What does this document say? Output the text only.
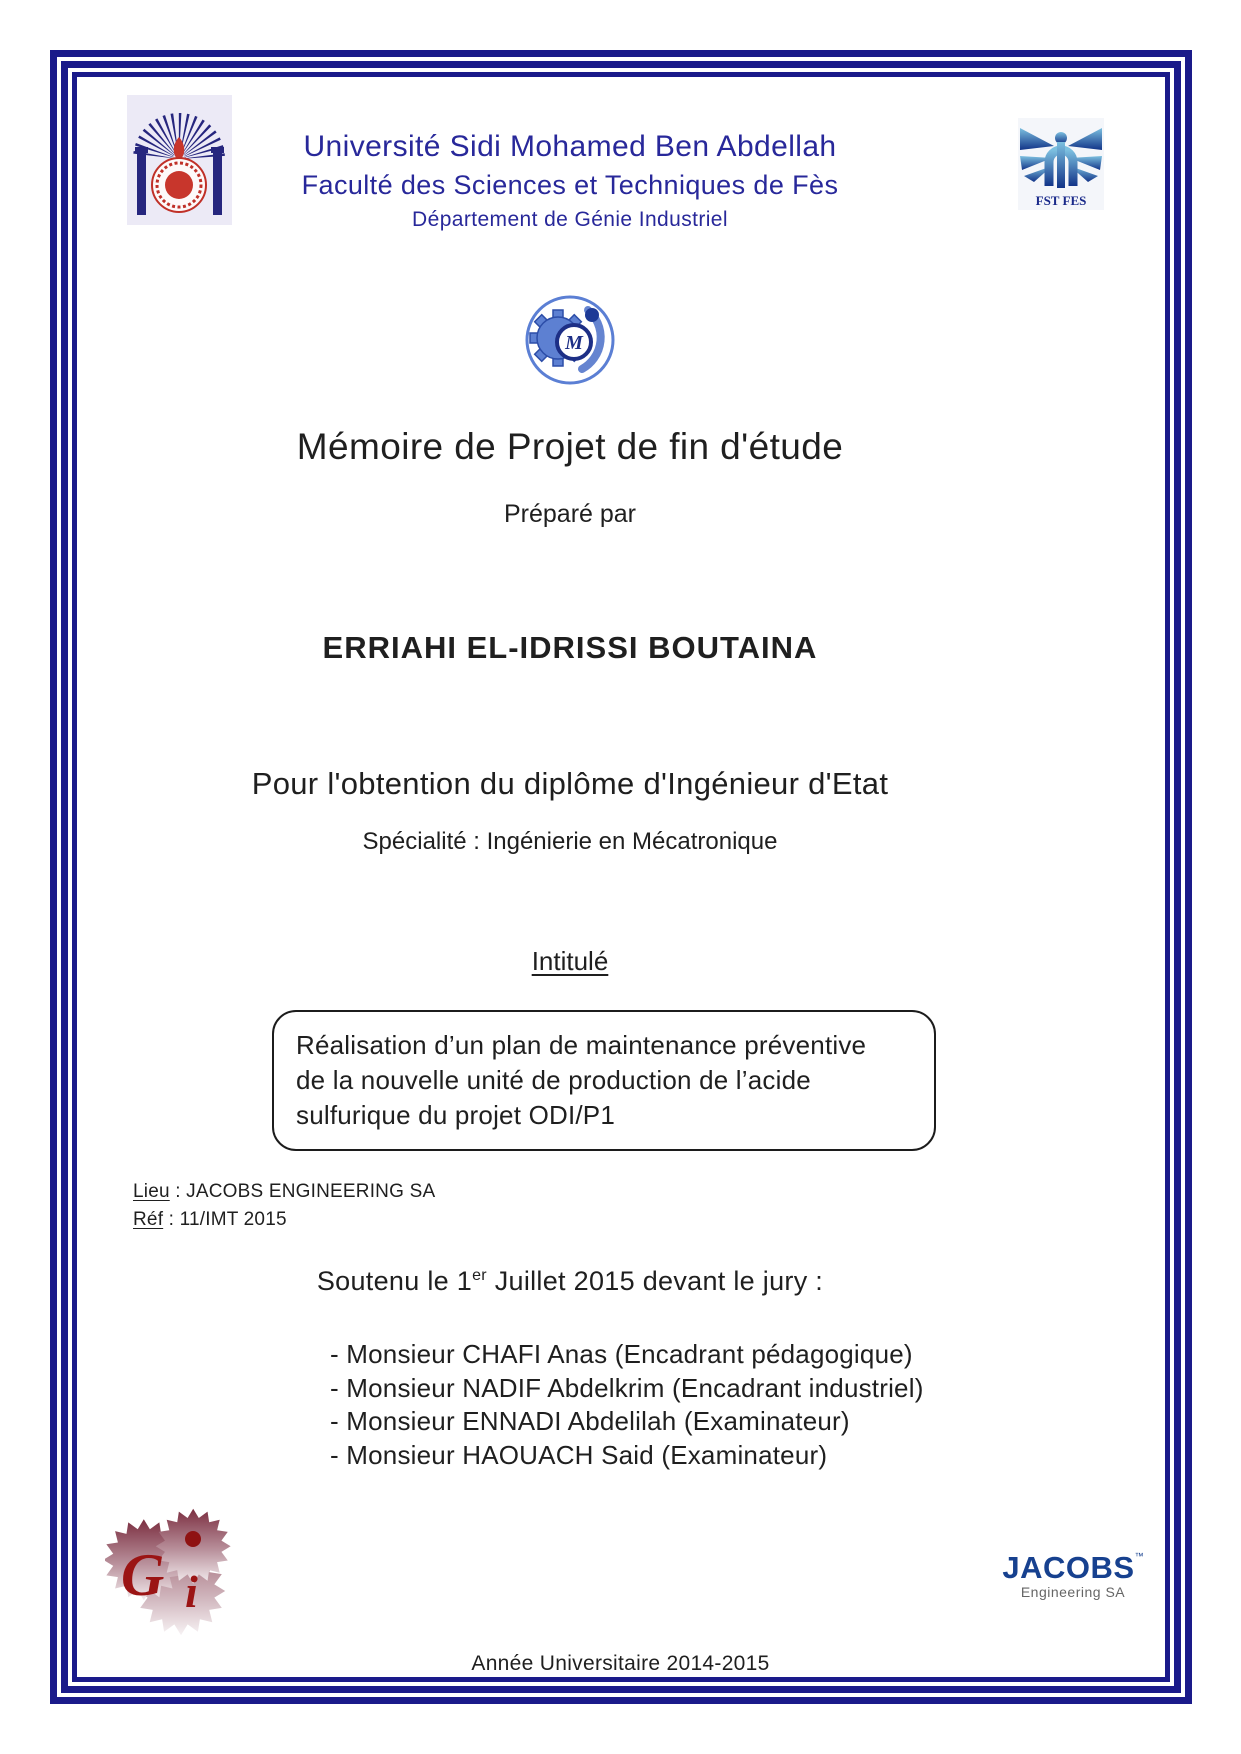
FST FES
Université Sidi Mohamed Ben Abdellah
Faculté des Sciences et Techniques de Fès
Département de Génie Industriel
M
Mémoire de Projet de fin d'étude
Préparé par
ERRIAHI EL-IDRISSI BOUTAINA
Pour l'obtention du diplôme d'Ingénieur d'Etat
Spécialité : Ingénierie en Mécatronique
Intitulé
Réalisation d’un plan de maintenance préventive
de la nouvelle unité de production de l’acide
sulfurique du projet ODI/P1
Lieu : JACOBS ENGINEERING SA
Réf : 11/IMT 2015
Soutenu le 1er Juillet 2015 devant le jury :
- Monsieur CHAFI Anas (Encadrant pédagogique)
- Monsieur NADIF Abdelkrim (Encadrant industriel)
- Monsieur ENNADI Abdelilah (Examinateur)
- Monsieur HAOUACH Said (Examinateur)
G i	JACOBS™
Engineering SA
Année Universitaire 2014-2015
